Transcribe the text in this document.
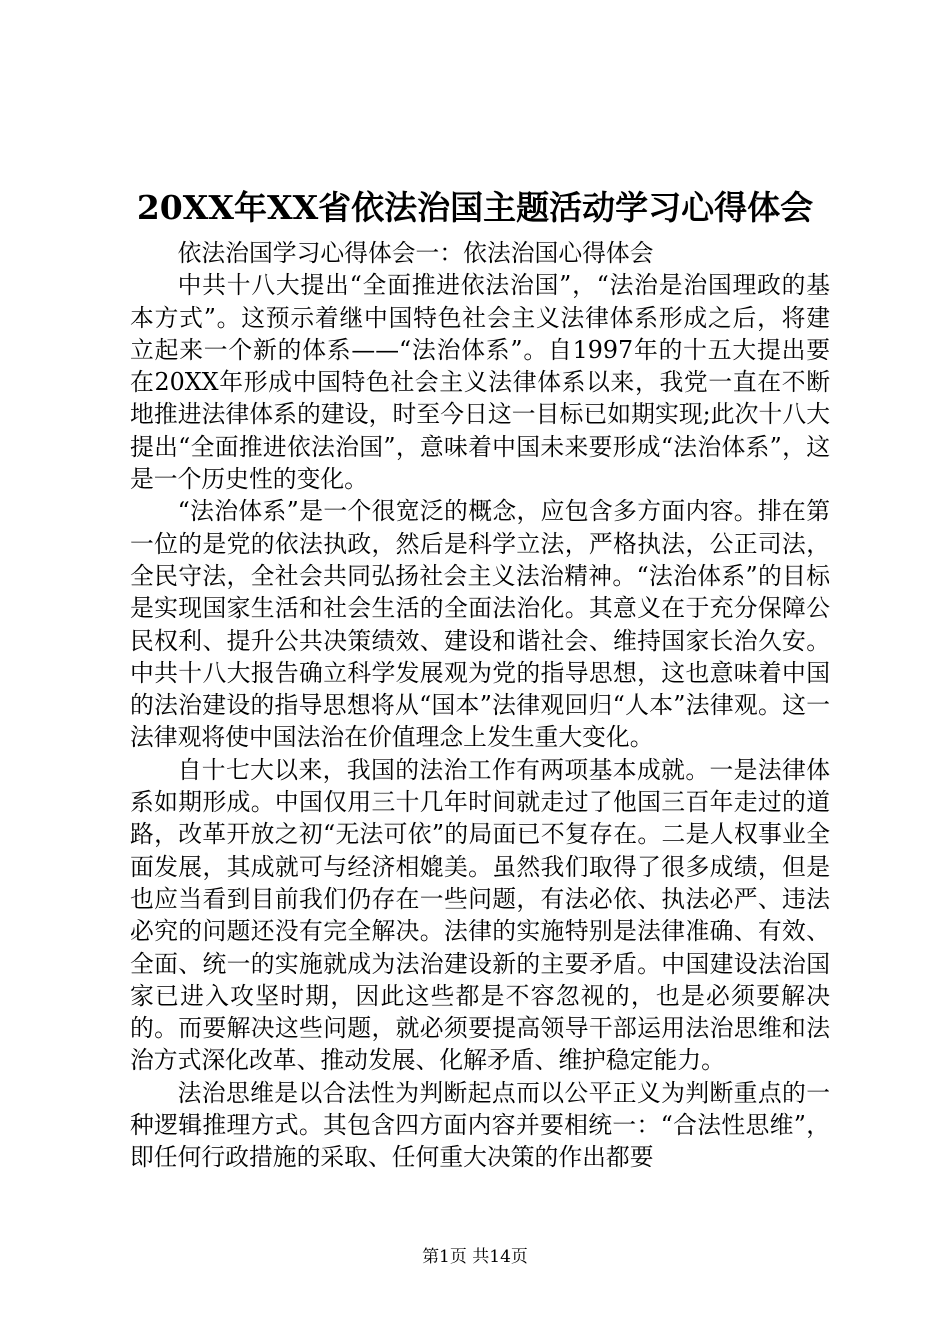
20XX年XX省依法治国主题活动学习心得体会

依法治国学习心得体会一：依法治国心得体会

中共十八大提出“全面推进依法治国”，“法治是治国理政的基本方式”。这预示着继中国特色社会主义法律体系形成之后，将建立起来一个新的体系——“法治体系”。自1997年的十五大提出要在20XX年形成中国特色社会主义法律体系以来，我党一直在不断地推进法律体系的建设，时至今日这一目标已如期实现;此次十八大提出“全面推进依法治国”，意味着中国未来要形成“法治体系”，这是一个历史性的变化。

“法治体系”是一个很宽泛的概念，应包含多方面内容。排在第一位的是党的依法执政，然后是科学立法，严格执法，公正司法，全民守法，全社会共同弘扬社会主义法治精神。“法治体系”的目标是实现国家生活和社会生活的全面法治化。其意义在于充分保障公民权利、提升公共决策绩效、建设和谐社会、维持国家长治久安。中共十八大报告确立科学发展观为党的指导思想，这也意味着中国的法治建设的指导思想将从“国本”法律观回归“人本”法律观。这一法律观将使中国法治在价值理念上发生重大变化。

自十七大以来，我国的法治工作有两项基本成就。一是法律体系如期形成。中国仅用三十几年时间就走过了他国三百年走过的道路，改革开放之初“无法可依”的局面已不复存在。二是人权事业全面发展，其成就可与经济相媲美。虽然我们取得了很多成绩，但是也应当看到目前我们仍存在一些问题，有法必依、执法必严、违法必究的问题还没有完全解决。法律的实施特别是法律准确、有效、全面、统一的实施就成为法治建设新的主要矛盾。中国建设法治国家已进入攻坚时期，因此这些都是不容忽视的，也是必须要解决的。而要解决这些问题，就必须要提高领导干部运用法治思维和法治方式深化改革、推动发展、化解矛盾、维护稳定能力。

法治思维是以合法性为判断起点而以公平正义为判断重点的一种逻辑推理方式。其包含四方面内容并要相统一：“合法性思维”，即任何行政措施的采取、任何重大决策的作出都要

第1页 共14页
